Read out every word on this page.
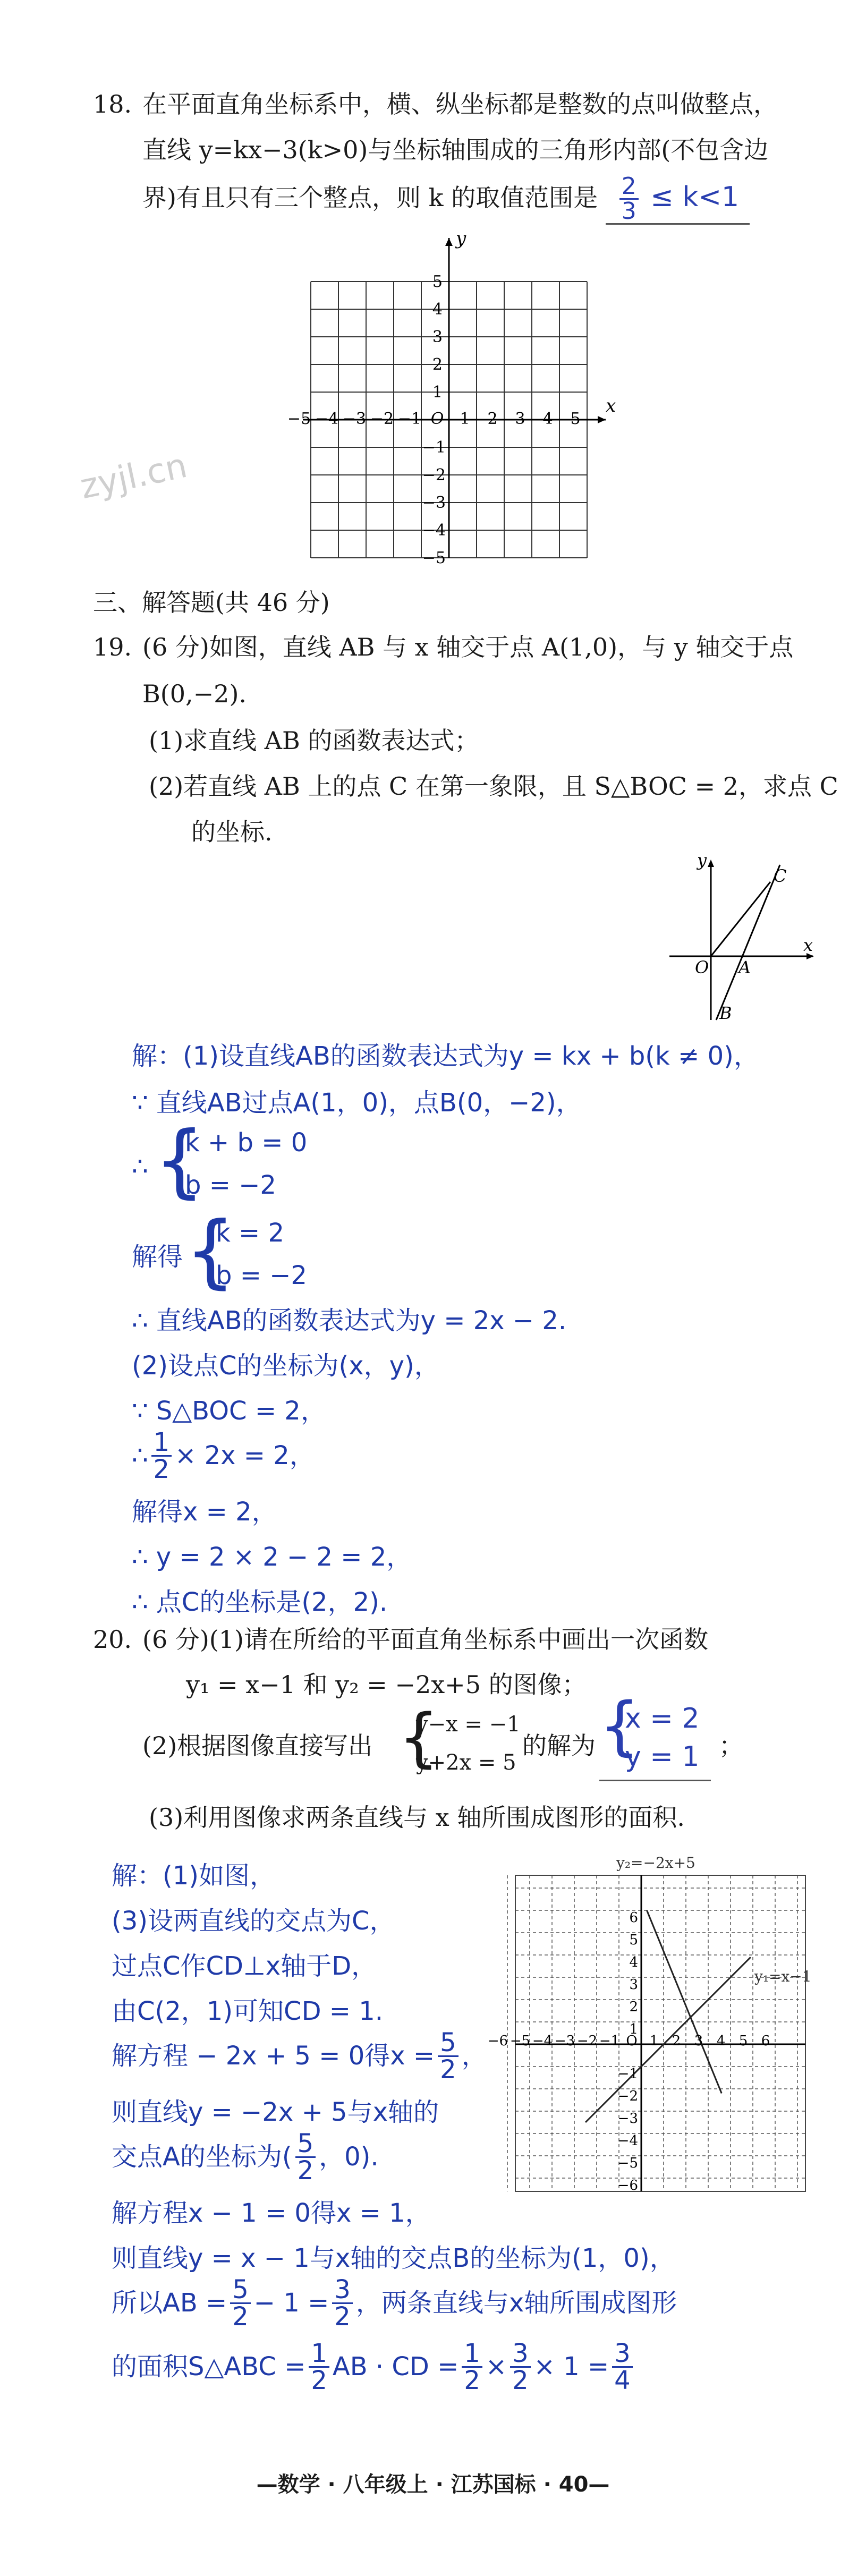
zyjl.cn
18. 在平面直角坐标系中，横、纵坐标都是整数的点叫做整点，
直线 y=kx−3(k>0)与坐标轴围成的三角形内部(不包含边
界)有且只有三个整点，则 k 的取值范围是 $\frac{2}{3} \le k<1$
x
y
−5 −4 −3 −2 −1 O 1 2 3 4 5
5
4
3
2
1
−1
−2
−3
−4
−5
三、解答题(共 46 分)
19. (6 分)如图，直线 AB 与 x 轴交于点 A(1,0)，与 y 轴交于点
B(0,−2).
(1)求直线 AB 的函数表达式；
(2)若直线 AB 上的点 C 在第一象限，且 S△BOC = 2，求点 C
的坐标.
y
x
O A
B
C
解：(1)设直线AB的函数表达式为y = kx + b(k ≠ 0)，
∵ 直线AB过点A(1，0)，点B(0，−2)，
∴ {
k + b = 0
b = −2
解得 {
k = 2
b = −2
∴ 直线AB的函数表达式为y = 2x − 2.
(2)设点C的坐标为(x，y)，
∵ S△BOC = 2，
∴ $\frac{1}{2} \times 2x = 2$，
解得x = 2，
∴ y = 2 × 2 − 2 = 2，
∴ 点C的坐标是(2，2).
20. (6 分)(1)请在所给的平面直角坐标系中画出一次函数
y₁ = x−1 和 y₂ = −2x+5 的图像；
(2)根据图像直接写出 {
y−x = −1
y+2x = 5
的解为 {
x = 2
y = 1 ；
(3)利用图像求两条直线与 x 轴所围成图形的面积.
y₂=−2x+5
y₁=x−1
−6 −5 −4 −3 −2 −1 O 1 2 3 4 5 6
6
5
4
3
2
1
−1
−2
−3
−4
−5
−6
解：(1)如图，
(3)设两直线的交点为C，
过点C作CD⊥x轴于D，
由C(2，1)可知CD = 1.
解方程 − 2x + 5 = 0得$x = \frac{5}{2}$ ，
则直线y = −2x + 5与x轴的
交点A的坐标为( $\frac{5}{2}$ ，0).
解方程x − 1 = 0得x = 1，
则直线y = x − 1与x轴的交点B的坐标为(1，0)，
所以AB = $\frac{5}{2} - 1 = \frac{3}{2}$ ，两条直线与x轴所围成图形
的面积S△ABC = $\frac{1}{2}$ AB · CD = $\frac{1}{2} \times \frac{3}{2} \times 1 = \frac{3}{4}$
—数学 · 八年级上 · 江苏国标 · 40—
